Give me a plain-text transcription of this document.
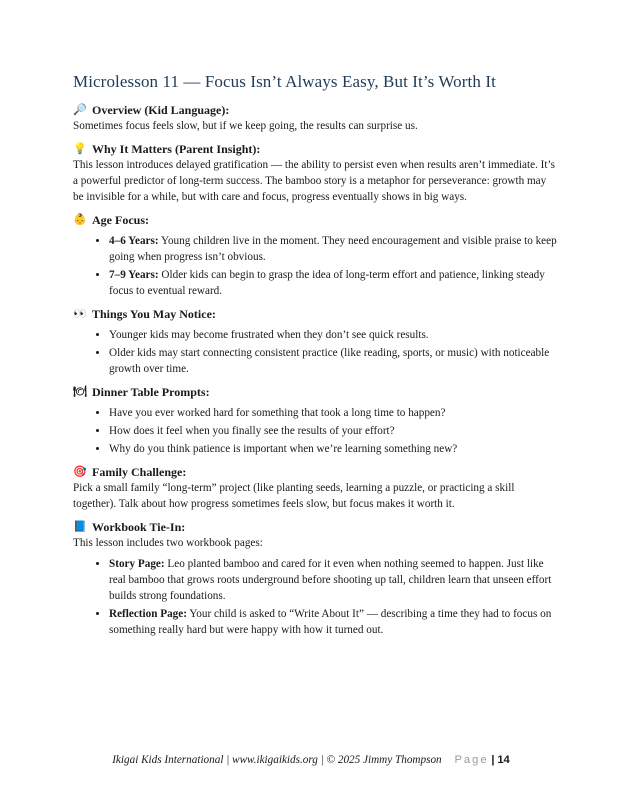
Microlesson 11 — Focus Isn’t Always Easy, But It’s Worth It
🔎 Overview (Kid Language):

Sometimes focus feels slow, but if we keep going, the results can surprise us.

💡 Why It Matters (Parent Insight):

This lesson introduces delayed gratification — the ability to persist even when results aren’t immediate. It’s a powerful predictor of long-term success. The bamboo story is a metaphor for perseverance: growth may be invisible for a while, but with care and focus, progress eventually shows in big ways.

👶 Age Focus:
• 4–6 Years: Young children live in the moment. They need encouragement and visible praise to keep going when progress isn’t obvious.
• 7–9 Years: Older kids can begin to grasp the idea of long-term effort and patience, linking steady focus to eventual reward.
👀 Things You May Notice:
• Younger kids may become frustrated when they don’t see quick results.
• Older kids may start connecting consistent practice (like reading, sports, or music) with noticeable growth over time.
🍽 Dinner Table Prompts:
• Have you ever worked hard for something that took a long time to happen?
• How does it feel when you finally see the results of your effort?
• Why do you think patience is important when we’re learning something new?
🎯 Family Challenge:

Pick a small family “long-term” project (like planting seeds, learning a puzzle, or practicing a skill together). Talk about how progress sometimes feels slow, but focus makes it worth it.

📘 Workbook Tie-In:

This lesson includes two workbook pages:

• Story Page: Leo planted bamboo and cared for it even when nothing seemed to happen. Just like real bamboo that grows roots underground before shooting up tall, children learn that unseen effort builds strong foundations.
• Reflection Page: Your child is asked to “Write About It” — describing a time they had to focus on something really hard but were happy with how it turned out.
Ikigai Kids International | www.ikigaikids.org | © 2025 Jimmy Thompson Page | 14
